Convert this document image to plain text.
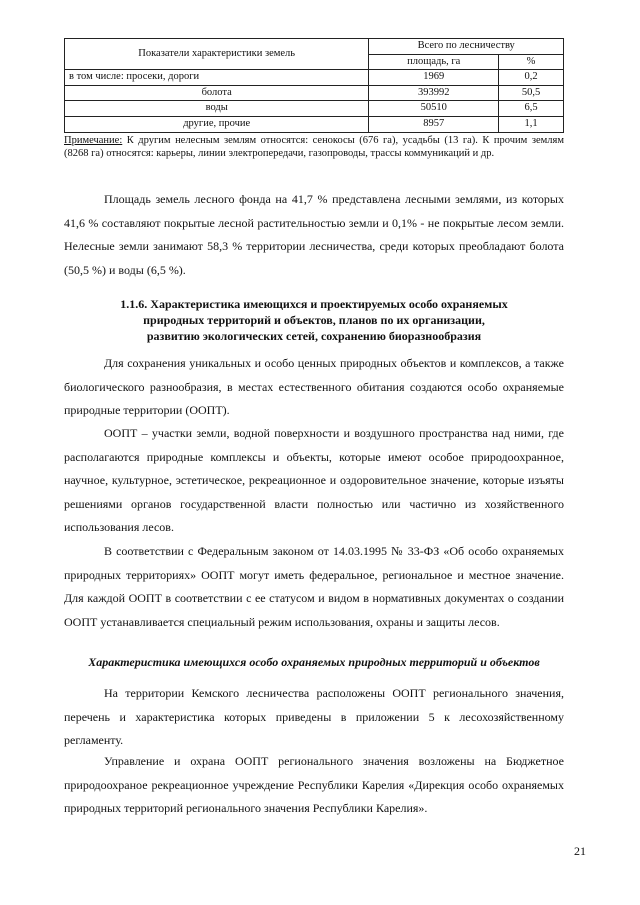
Показатели характеристики земель	Всего по лесничеству	
	площадь, га	%
в том числе: просеки, дороги	1969	0,2
болота	393992	50,5
воды	50510	6,5
другие, прочие	8957	1,1
Примечание: К другим нелесным землям относятся: сенокосы (676 га), усадьбы (13 га). К прочим землям (8268 га) относятся: карьеры, линии электропередачи, газопроводы, трассы коммуникаций и др.

Площадь земель лесного фонда на 41,7 % представлена лесными землями, из которых 41,6 % составляют покрытые лесной растительностью земли и 0,1% - не покрытые лесом земли. Нелесные земли занимают 58,3 % территории лесничества, среди которых преобладают болота (50,5 %) и воды (6,5 %).

1.1.6. Характеристика имеющихся и проектируемых особо охраняемых
природных территорий и объектов, планов по их организации,
развитию экологических сетей, сохранению биоразнообразия

Для сохранения уникальных и особо ценных природных объектов и комплексов, а также биологического разнообразия, в местах естественного обитания создаются особо охраняемые природные территории (ООПТ).

ООПТ – участки земли, водной поверхности и воздушного пространства над ними, где располагаются природные комплексы и объекты, которые имеют особое природоохранное, научное, культурное, эстетическое, рекреационное и оздоровительное значение, которые изъяты решениями органов государственной власти полностью или частично из хозяйственного использования лесов.

В соответствии с Федеральным законом от 14.03.1995 № 33-ФЗ «Об особо охраняемых природных территориях» ООПТ могут иметь федеральное, региональное и местное значение. Для каждой ООПТ в соответствии с ее статусом и видом в нормативных документах о создании ООПТ устанавливается специальный режим использования, охраны и защиты лесов.

Характеристика имеющихся особо охраняемых природных территорий и объектов

На территории Кемского лесничества расположены ООПТ регионального значения, перечень и характеристика которых приведены в приложении 5 к лесохозяйственному регламенту.

Управление и охрана ООПТ регионального значения возложены на Бюджетное природоохраное рекреационное учреждение Республики Карелия «Дирекция особо охраняемых природных территорий регионального значения Республики Карелия».

21
